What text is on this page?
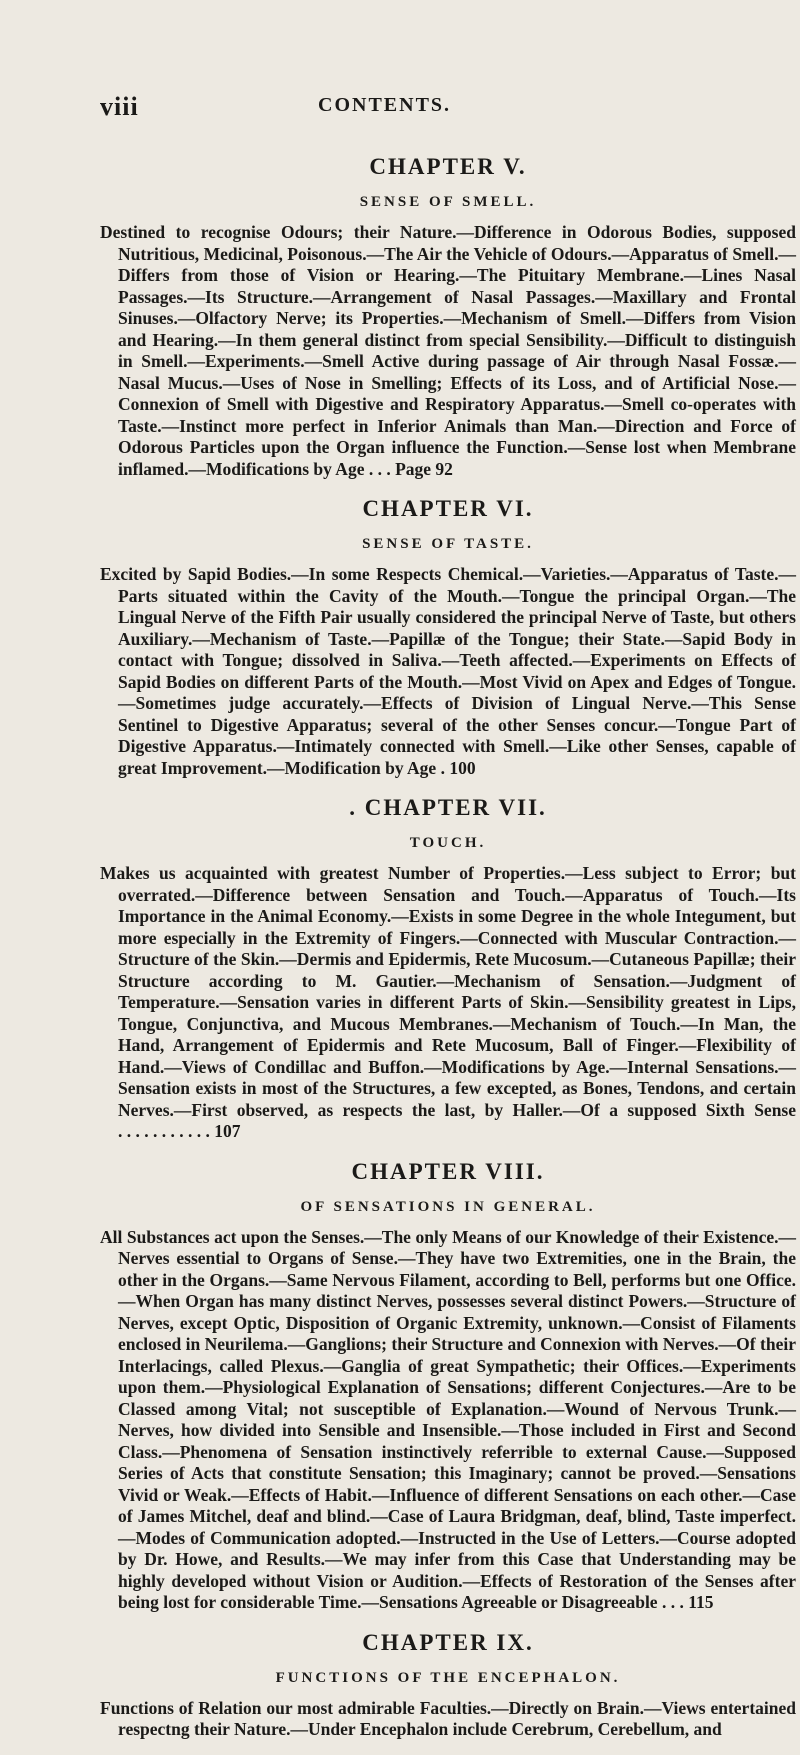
viii	CONTENTS.
CHAPTER V.
SENSE OF SMELL.

Destined to recognise Odours; their Nature.—Difference in Odorous Bodies, supposed Nutritious, Medicinal, Poisonous.—The Air the Vehicle of Odours.—Apparatus of Smell.—Differs from those of Vision or Hearing.—The Pituitary Membrane.—Lines Nasal Passages.—Its Structure.—Arrangement of Nasal Passages.—Maxillary and Frontal Sinuses.—Olfactory Nerve; its Properties.—Mechanism of Smell.—Differs from Vision and Hearing.—In them general distinct from special Sensibility.—Difficult to distinguish in Smell.—Experiments.—Smell Active during passage of Air through Nasal Fossæ.—Nasal Mucus.—Uses of Nose in Smelling; Effects of its Loss, and of Artificial Nose.—Connexion of Smell with Digestive and Respiratory Apparatus.—Smell co-operates with Taste.—Instinct more perfect in Inferior Animals than Man.—Direction and Force of Odorous Particles upon the Organ influence the Function.—Sense lost when Membrane inflamed.—Modifications by Age . . . Page 92

CHAPTER VI.
SENSE OF TASTE.

Excited by Sapid Bodies.—In some Respects Chemical.—Varieties.—Apparatus of Taste.—Parts situated within the Cavity of the Mouth.—Tongue the principal Organ.—The Lingual Nerve of the Fifth Pair usually considered the principal Nerve of Taste, but others Auxiliary.—Mechanism of Taste.—Papillæ of the Tongue; their State.—Sapid Body in contact with Tongue; dissolved in Saliva.—Teeth affected.—Experiments on Effects of Sapid Bodies on different Parts of the Mouth.—Most Vivid on Apex and Edges of Tongue.—Sometimes judge accurately.—Effects of Division of Lingual Nerve.—This Sense Sentinel to Digestive Apparatus; several of the other Senses concur.—Tongue Part of Digestive Apparatus.—Intimately connected with Smell.—Like other Senses, capable of great Improvement.—Modification by Age . 100

. CHAPTER VII.
TOUCH.

Makes us acquainted with greatest Number of Properties.—Less subject to Error; but overrated.—Difference between Sensation and Touch.—Apparatus of Touch.—Its Importance in the Animal Economy.—Exists in some Degree in the whole Integument, but more especially in the Extremity of Fingers.—Connected with Muscular Contraction.—Structure of the Skin.—Dermis and Epidermis, Rete Mucosum.—Cutaneous Papillæ; their Structure according to M. Gautier.—Mechanism of Sensation.—Judgment of Temperature.—Sensation varies in different Parts of Skin.—Sensibility greatest in Lips, Tongue, Conjunctiva, and Mucous Membranes.—Mechanism of Touch.—In Man, the Hand, Arrangement of Epidermis and Rete Mucosum, Ball of Finger.—Flexibility of Hand.—Views of Condillac and Buffon.—Modifications by Age.—Internal Sensations.—Sensation exists in most of the Structures, a few excepted, as Bones, Tendons, and certain Nerves.—First observed, as respects the last, by Haller.—Of a supposed Sixth Sense . . . . . . . . . . . 107

CHAPTER VIII.
OF SENSATIONS IN GENERAL.

All Substances act upon the Senses.—The only Means of our Knowledge of their Existence.—Nerves essential to Organs of Sense.—They have two Extremities, one in the Brain, the other in the Organs.—Same Nervous Filament, according to Bell, performs but one Office.—When Organ has many distinct Nerves, possesses several distinct Powers.—Structure of Nerves, except Optic, Disposition of Organic Extremity, unknown.—Consist of Filaments enclosed in Neurilema.—Ganglions; their Structure and Connexion with Nerves.—Of their Interlacings, called Plexus.—Ganglia of great Sympathetic; their Offices.—Experiments upon them.—Physiological Explanation of Sensations; different Conjectures.—Are to be Classed among Vital; not susceptible of Explanation.—Wound of Nervous Trunk.—Nerves, how divided into Sensible and Insensible.—Those included in First and Second Class.—Phenomena of Sensation instinctively referrible to external Cause.—Supposed Series of Acts that constitute Sensation; this Imaginary; cannot be proved.—Sensations Vivid or Weak.—Effects of Habit.—Influence of different Sensations on each other.—Case of James Mitchel, deaf and blind.—Case of Laura Bridgman, deaf, blind, Taste imperfect.—Modes of Communication adopted.—Instructed in the Use of Letters.—Course adopted by Dr. Howe, and Results.—We may infer from this Case that Understanding may be highly developed without Vision or Audition.—Effects of Restoration of the Senses after being lost for considerable Time.—Sensations Agreeable or Disagreeable . . . 115

CHAPTER IX.
FUNCTIONS OF THE ENCEPHALON.

Functions of Relation our most admirable Faculties.—Directly on Brain.—Views entertained respectng their Nature.—Under Encephalon include Cerebrum, Cerebellum, and
